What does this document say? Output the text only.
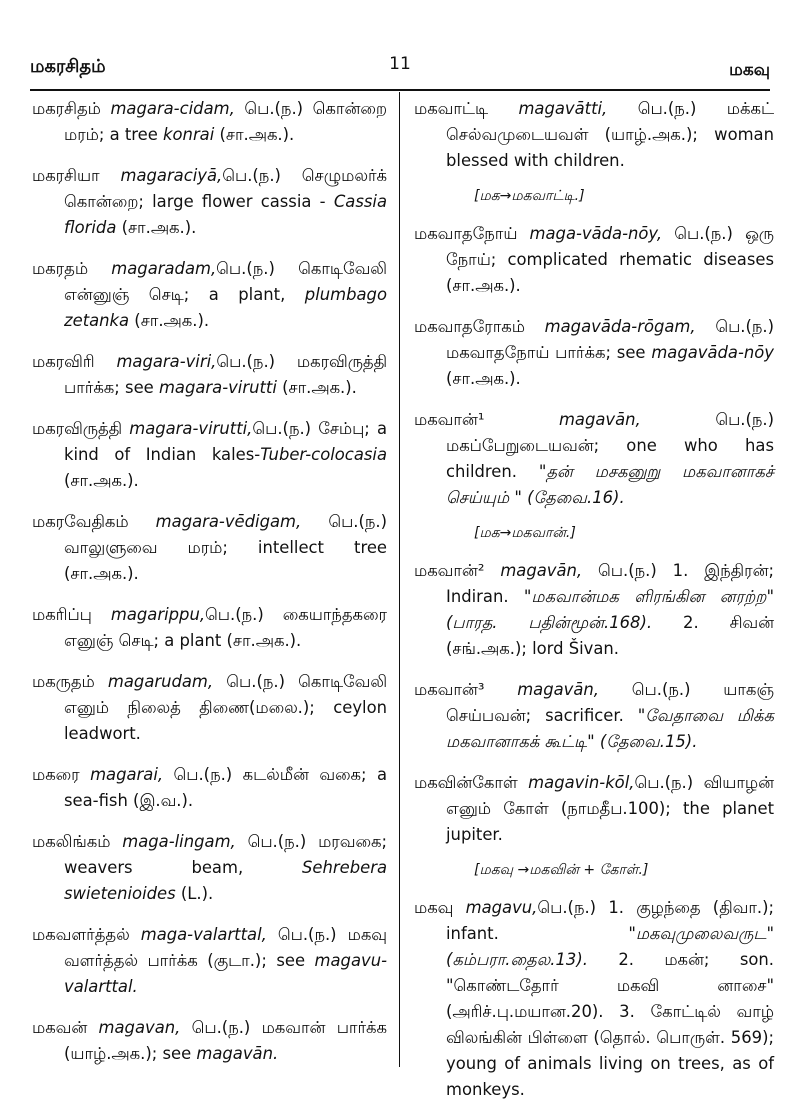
மகரசிதம்	11	மகவு

மகரசிதம் magara-cidam, பெ.(ந.) கொன்றை மரம்; a tree konrai (சா.அக.).

மகரசியா magaraciyā,பெ.(ந.) செழுமலர்க் கொன்றை; large flower cassia - Cassia florida (சா.அக.).

மகரதம் magaradam,பெ.(ந.) கொடிவேலி என்னுஞ் செடி; a plant, plumbago zetanka (சா.அக.).

மகரவிரி magara-viri,பெ.(ந.) மகரவிருத்தி பார்க்க; see magara-virutti (சா.அக.).

மகரவிருத்தி magara-virutti,பெ.(ந.) சேம்பு; a kind of Indian kales-Tuber-colocasia (சா.அக.).

மகரவேதிகம் magara-vēdigam, பெ.(ந.) வாலுளுவை மரம்; intellect tree (சா.அக.).

மகரிப்பு magarippu,பெ.(ந.) கையாந்தகரை எனுஞ் செடி; a plant (சா.அக.).

மகருதம் magarudam, பெ.(ந.) கொடிவேலி எனும் நிலைத் திணை(மலை.); ceylon leadwort.

மகரை magarai, பெ.(ந.) கடல்மீன் வகை; a sea-fish (இ.வ.).

மகலிங்கம் maga-lingam, பெ.(ந.) மரவகை; weavers beam, Sehrebera swietenioides (L.).

மகவளர்த்தல் maga-valarttal, பெ.(ந.) மகவு வளர்த்தல் பார்க்க (குடா.); see magavu-valarttal.

மகவன் magavan, பெ.(ந.) மகவான் பார்க்க (யாழ்.அக.); see magavān.

மகவாட்டி magavātti, பெ.(ந.) மக்கட் செல்வமுடையவள் (யாழ்.அக.); woman blessed with children.

[மக→மகவாட்டி.]

மகவாதநோய் maga-vāda-nōy, பெ.(ந.) ஒரு நோய்; complicated rhematic diseases (சா.அக.).

மகவாதரோகம் magavāda-rōgam, பெ.(ந.) மகவாதநோய் பார்க்க; see magavāda-nōy (சா.அக.).

மகவான்¹ magavān, பெ.(ந.) மகப்பேறுடையவன்; one who has children. "தன் மசகனுறு மகவானாகச் செய்யும் " (தேவை.16).

[மக→மகவான்.]

மகவான்² magavān, பெ.(ந.) 1. இந்திரன்; Indiran. "மகவான்மக ளிரங்கின னரற்ற" (பாரத. பதின்மூன்.168). 2. சிவன் (சங்.அக.); lord Šivan.

மகவான்³ magavān, பெ.(ந.) யாகஞ் செய்பவன்; sacrificer. "வேதாவை மிக்க மகவானாகக் கூட்டி" (தேவை.15).

மகவின்கோள் magavin-kōl,பெ.(ந.) வியாழன் எனும் கோள் (நாமதீப.100); the planet jupiter.

[மகவு →மகவின் + கோள்.]

மகவு magavu,பெ.(ந.) 1. குழந்தை (திவா.); infant. "மகவுமுலைவருட" (கம்பரா.தைல.13). 2. மகன்; son. "கொண்டதோர் மகவி னாசை" (அரிச்.பு.மயான.20). 3. கோட்டில் வாழ் விலங்கின் பிள்ளை (தொல். பொருள். 569); young of animals living on trees, as of monkeys.
